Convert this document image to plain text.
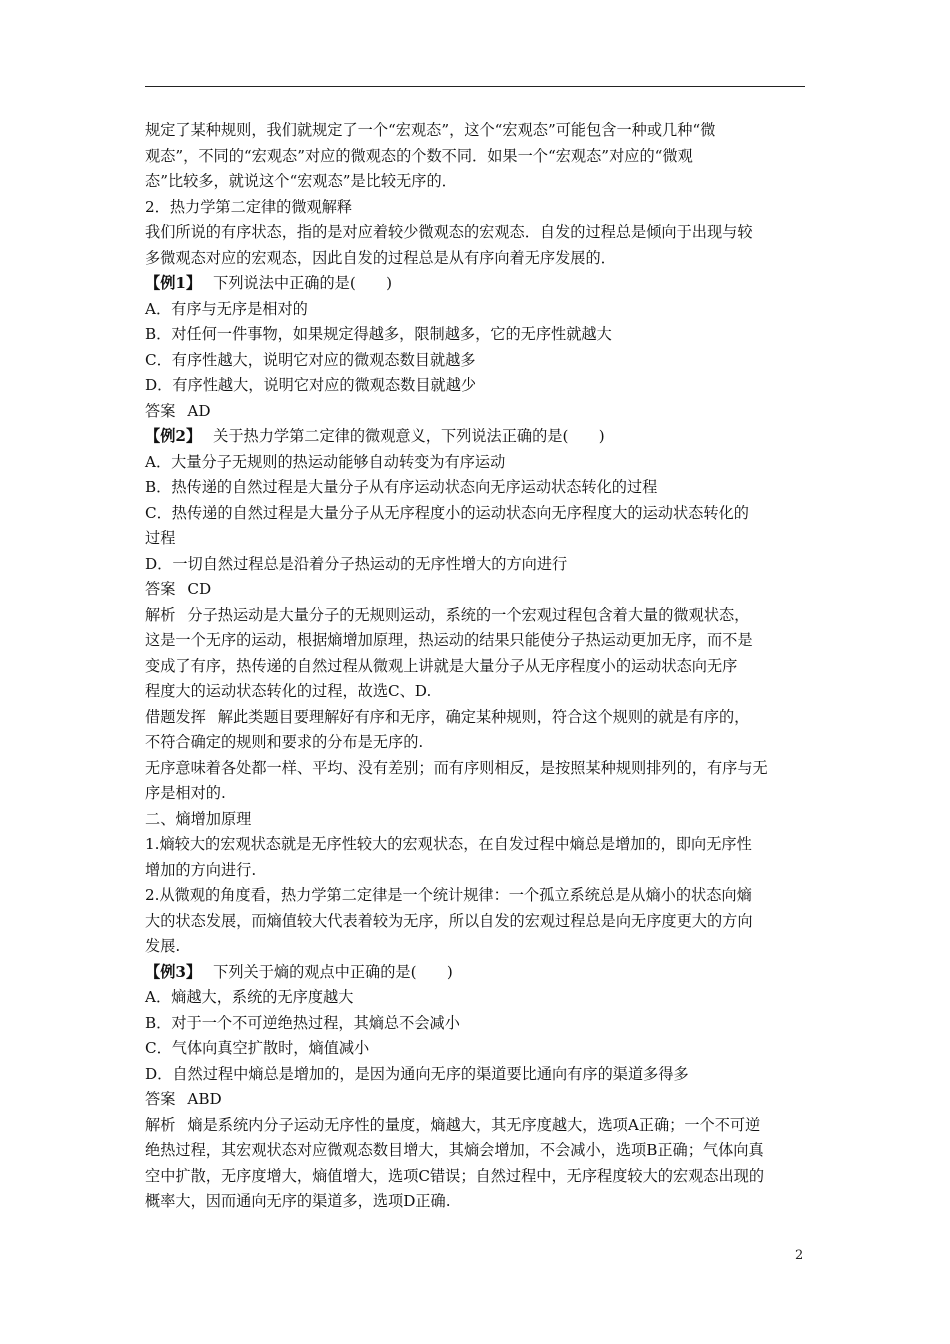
规定了某种规则，我们就规定了一个“宏观态”，这个“宏观态”可能包含一种或几种“微

观态”，不同的“宏观态”对应的微观态的个数不同．如果一个“宏观态”对应的“微观

态”比较多，就说这个“宏观态”是比较无序的．

2．热力学第二定律的微观解释

我们所说的有序状态，指的是对应着较少微观态的宏观态．自发的过程总是倾向于出现与较

多微观态对应的宏观态，因此自发的过程总是从有序向着无序发展的．

【例1】 下列说法中正确的是(　　)

A．有序与无序是相对的

B．对任何一件事物，如果规定得越多，限制越多，它的无序性就越大

C．有序性越大，说明它对应的微观态数目就越多

D．有序性越大，说明它对应的微观态数目就越少

答案 AD

【例2】 关于热力学第二定律的微观意义，下列说法正确的是(　　)

A．大量分子无规则的热运动能够自动转变为有序运动

B．热传递的自然过程是大量分子从有序运动状态向无序运动状态转化的过程

C．热传递的自然过程是大量分子从无序程度小的运动状态向无序程度大的运动状态转化的

过程

D．一切自然过程总是沿着分子热运动的无序性增大的方向进行

答案 CD

解析 分子热运动是大量分子的无规则运动，系统的一个宏观过程包含着大量的微观状态，

这是一个无序的运动，根据熵增加原理，热运动的结果只能使分子热运动更加无序，而不是

变成了有序，热传递的自然过程从微观上讲就是大量分子从无序程度小的运动状态向无序

程度大的运动状态转化的过程，故选C、D.

借题发挥 解此类题目要理解好有序和无序，确定某种规则，符合这个规则的就是有序的，

不符合确定的规则和要求的分布是无序的.

无序意味着各处都一样、平均、没有差别；而有序则相反，是按照某种规则排列的，有序与无

序是相对的.

二、熵增加原理

1.熵较大的宏观状态就是无序性较大的宏观状态，在自发过程中熵总是增加的，即向无序性

增加的方向进行.

2.从微观的角度看，热力学第二定律是一个统计规律：一个孤立系统总是从熵小的状态向熵

大的状态发展，而熵值较大代表着较为无序，所以自发的宏观过程总是向无序度更大的方向

发展.

【例3】 下列关于熵的观点中正确的是(　　)

A．熵越大，系统的无序度越大

B．对于一个不可逆绝热过程，其熵总不会减小

C．气体向真空扩散时，熵值减小

D．自然过程中熵总是增加的，是因为通向无序的渠道要比通向有序的渠道多得多

答案 ABD

解析 熵是系统内分子运动无序性的量度，熵越大，其无序度越大，选项A正确；一个不可逆

绝热过程，其宏观状态对应微观态数目增大，其熵会增加，不会减小，选项B正确；气体向真

空中扩散，无序度增大，熵值增大，选项C错误；自然过程中，无序程度较大的宏观态出现的

概率大，因而通向无序的渠道多，选项D正确.

2
